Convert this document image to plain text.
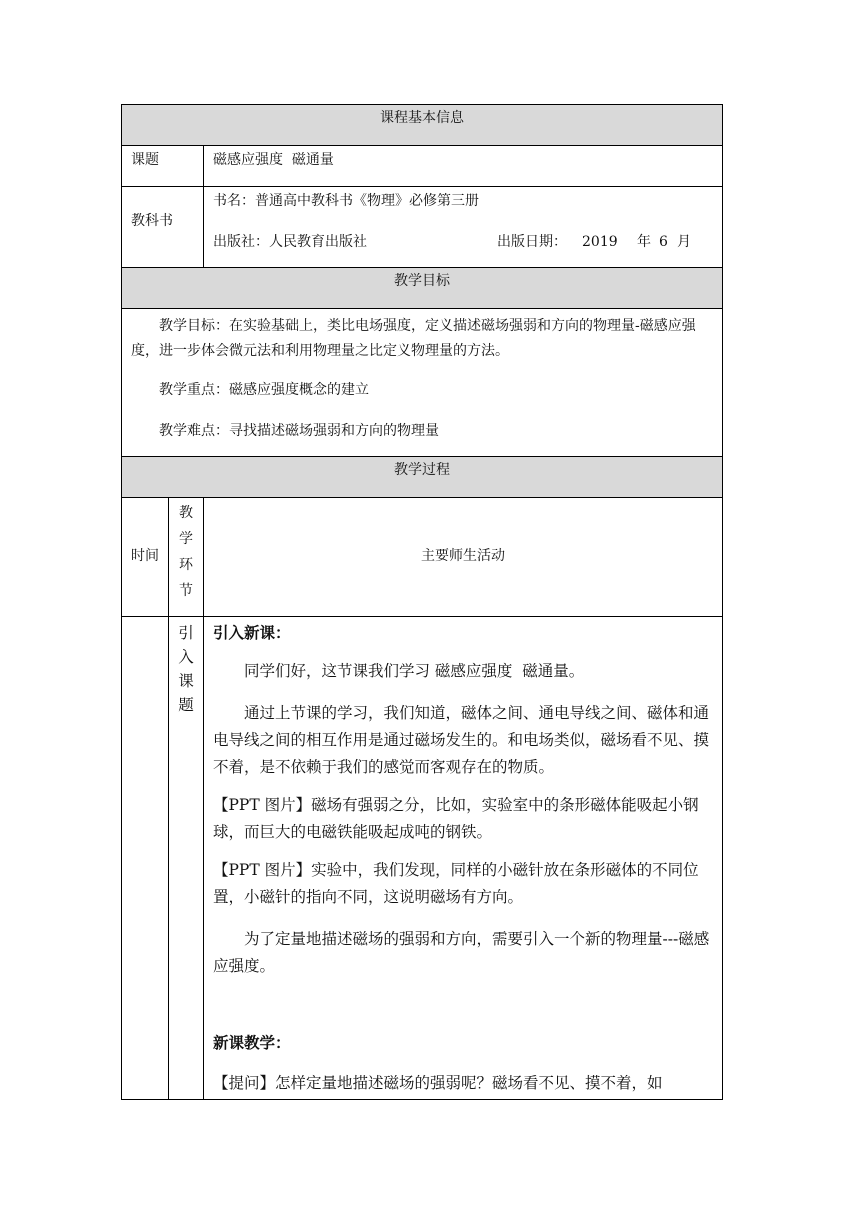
课程基本信息
课题	磁感应强度  磁通量
教科书
书名：普通高中教科书《物理》必修第三册
出版社：人民教育出版社	出版日期： 2019 年 6 月
教学目标
教学目标：在实验基础上，类比电场强度，定义描述磁场强弱和方向的物理量-磁感应强度，进一步体会微元法和利用物理量之比定义物理量的方法。
教学重点：磁感应强度概念的建立
教学难点：寻找描述磁场强弱和方向的物理量
教学过程
时间
教
学
环
节
主要师生活动
引
入
课
题
引入新课：
同学们好，这节课我们学习 磁感应强度  磁通量。
通过上节课的学习，我们知道，磁体之间、通电导线之间、磁体和通电导线之间的相互作用是通过磁场发生的。和电场类似，磁场看不见、摸不着，是不依赖于我们的感觉而客观存在的物质。
【PPT 图片】磁场有强弱之分，比如，实验室中的条形磁体能吸起小钢球，而巨大的电磁铁能吸起成吨的钢铁。
【PPT 图片】实验中，我们发现，同样的小磁针放在条形磁体的不同位置，小磁针的指向不同，这说明磁场有方向。
为了定量地描述磁场的强弱和方向，需要引入一个新的物理量---磁感应强度。
新课教学：
【提问】怎样定量地描述磁场的强弱呢？磁场看不见、摸不着，如
